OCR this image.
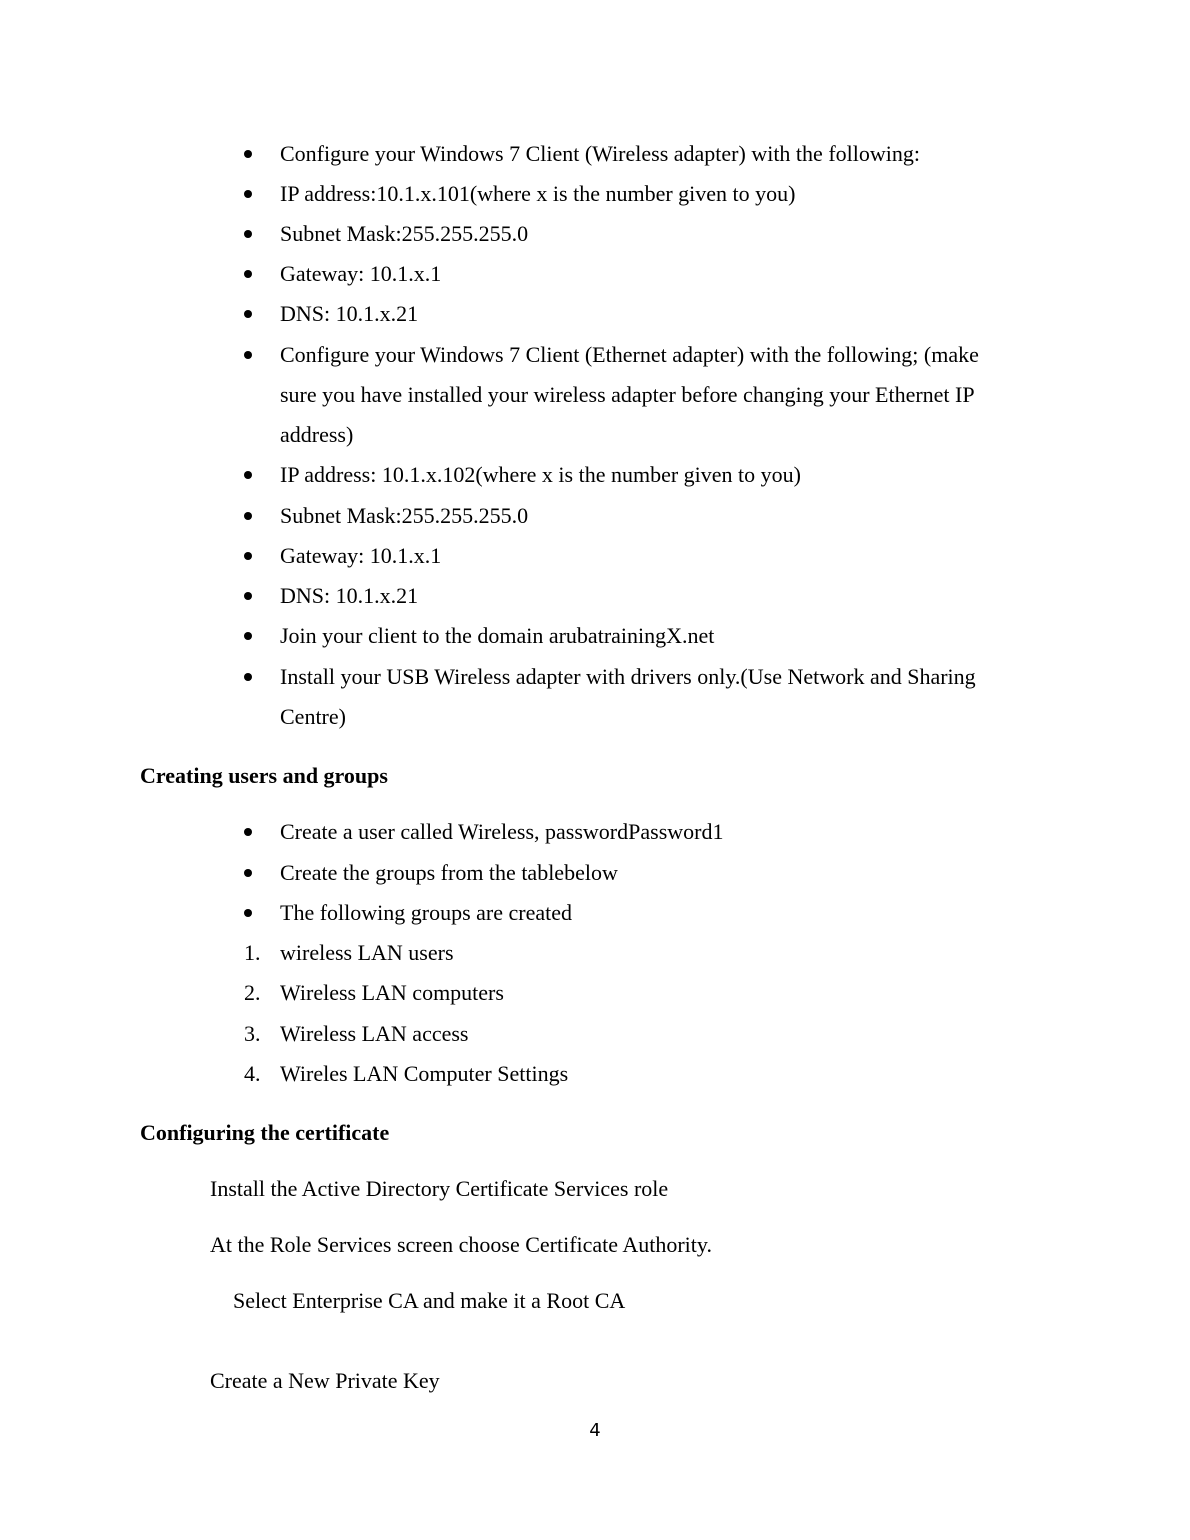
Configure your Windows 7 Client (Wireless adapter) with the following:
IP address:10.1.x.101(where x is the number given to you)
Subnet Mask:255.255.255.0
Gateway: 10.1.x.1
DNS: 10.1.x.21
Configure your Windows 7 Client (Ethernet adapter) with the following; (make
sure you have installed your wireless adapter before changing your Ethernet IP
address)
IP address: 10.1.x.102(where x is the number given to you)
Subnet Mask:255.255.255.0
Gateway: 10.1.x.1
DNS: 10.1.x.21
Join your client to the domain arubatrainingX.net
Install your USB Wireless adapter with drivers only.(Use Network and Sharing
Centre)
Creating users and groups
Create a user called Wireless, passwordPassword1
Create the groups from the tablebelow
The following groups are created
1. wireless LAN users
2. Wireless LAN computers
3. Wireless LAN access
4. Wireles LAN Computer Settings
Configuring the certificate
Install the Active Directory Certificate Services role
At the Role Services screen choose Certificate Authority.
Select Enterprise CA and make it a Root CA
Create a New Private Key
4
